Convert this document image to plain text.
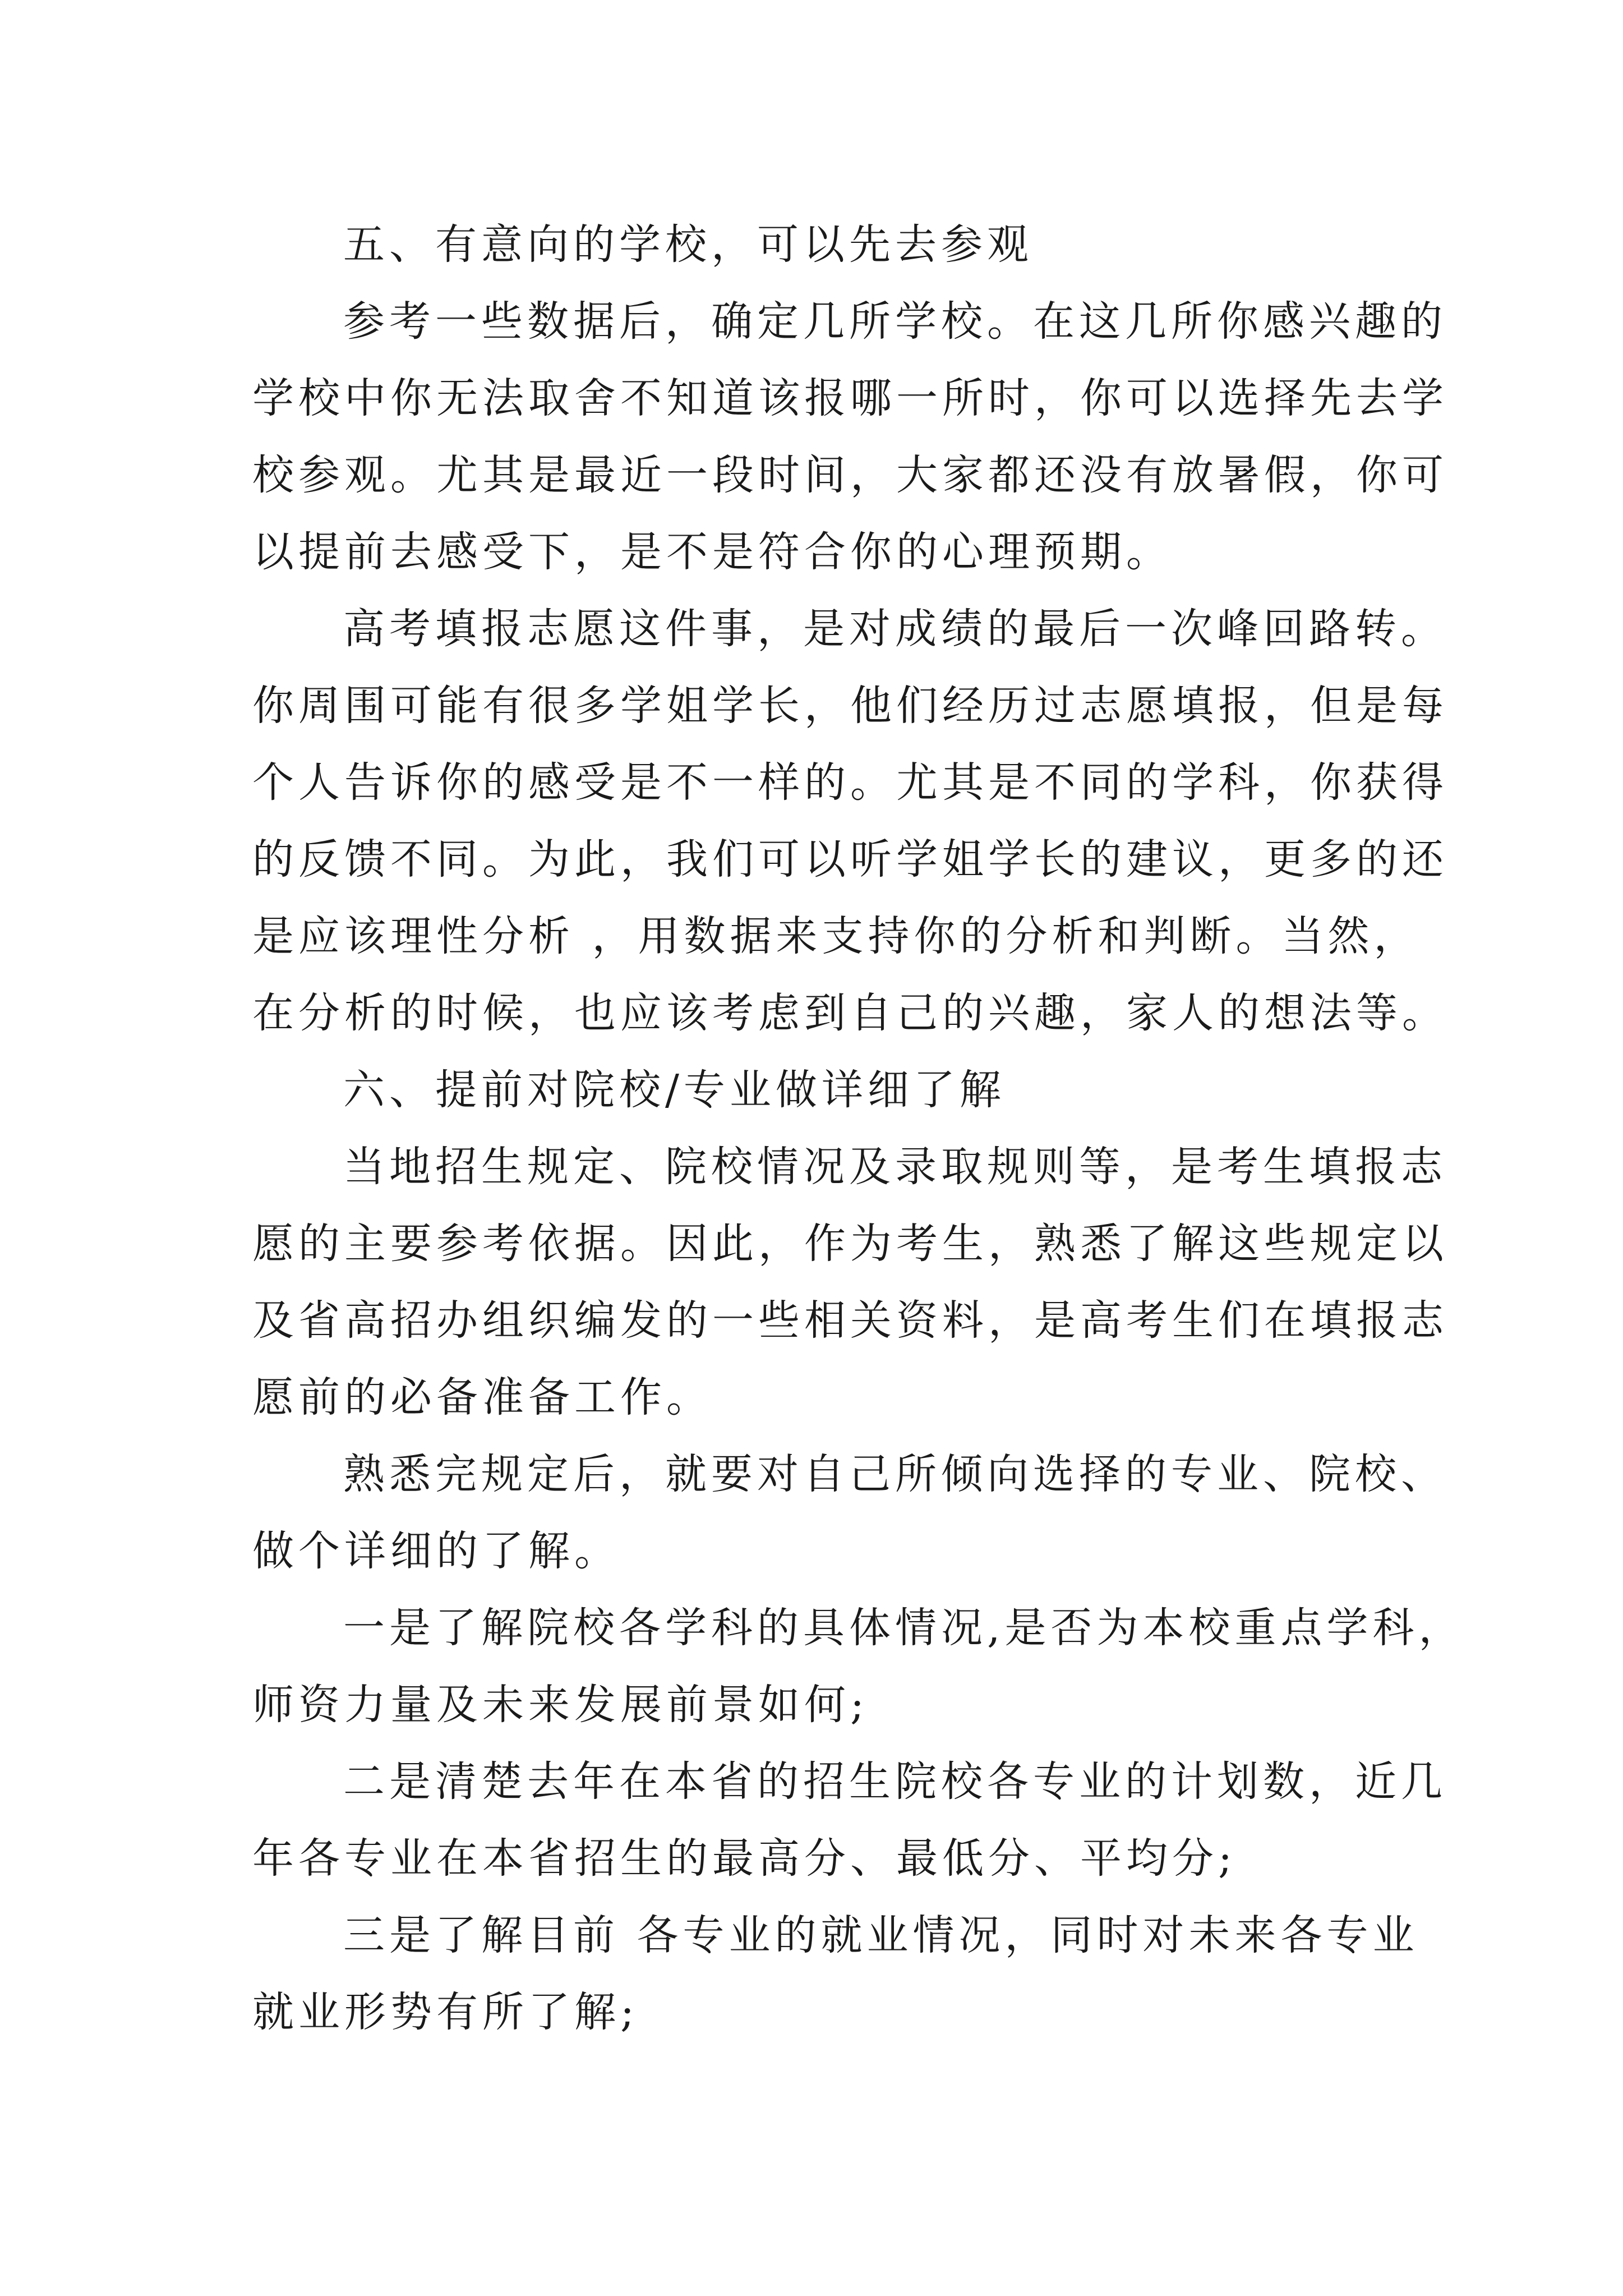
五、有意向的学校，可以先去参观
参考一些数据后，确定几所学校。在这几所你感兴趣的
学校中你无法取舍不知道该报哪一所时，你可以选择先去学
校参观。尤其是最近一段时间，大家都还没有放暑假，你可
以提前去感受下，是不是符合你的心理预期。
高考填报志愿这件事，是对成绩的最后一次峰回路转。
你周围可能有很多学姐学长，他们经历过志愿填报，但是每
个人告诉你的感受是不一样的。尤其是不同的学科，你获得
的反馈不同。为此，我们可以听学姐学长的建议，更多的还
是应该理性分析 ，用数据来支持你的分析和判断。当然，
在分析的时候，也应该考虑到自己的兴趣，家人的想法等。
六、提前对院校/专业做详细了解
当地招生规定、院校情况及录取规则等，是考生填报志
愿的主要参考依据。因此，作为考生，熟悉了解这些规定以
及省高招办组织编发的一些相关资料，是高考生们在填报志
愿前的必备准备工作。
熟悉完规定后，就要对自己所倾向选择的专业、院校、
做个详细的了解。
一是了解院校各学科的具体情况,是否为本校重点学科，
师资力量及未来发展前景如何;
二是清楚去年在本省的招生院校各专业的计划数，近几
年各专业在本省招生的最高分、最低分、平均分;
三是了解目前 各专业的就业情况，同时对未来各专业
就业形势有所了解;
